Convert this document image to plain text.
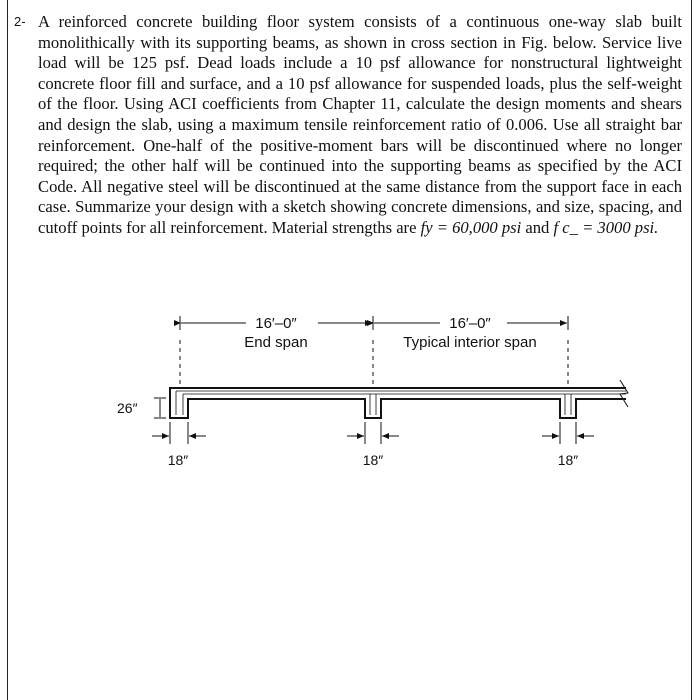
2- A reinforced concrete building floor system consists of a continuous one-way slab built monolithically with its supporting beams, as shown in cross section in Fig. below. Service live load will be 125 psf. Dead loads include a 10 psf allowance for nonstructural lightweight concrete floor fill and surface, and a 10 psf allowance for suspended loads, plus the self-weight of the floor. Using ACI coefficients from Chapter 11, calculate the design moments and shears and design the slab, using a maximum tensile reinforcement ratio of 0.006. Use all straight bar reinforcement. One-half of the positive-moment bars will be discontinued where no longer required; the other half will be continued into the supporting beams as specified by the ACI Code. All negative steel will be discontinued at the same distance from the support face in each case. Summarize your design with a sketch showing concrete dimensions, and size, spacing, and cutoff points for all reinforcement. Material strengths are fy = 60,000 psi and f c_ = 3000 psi.

16′–0″
End span
16′–0″
Typical interior span
26″
18″	18″	18″
